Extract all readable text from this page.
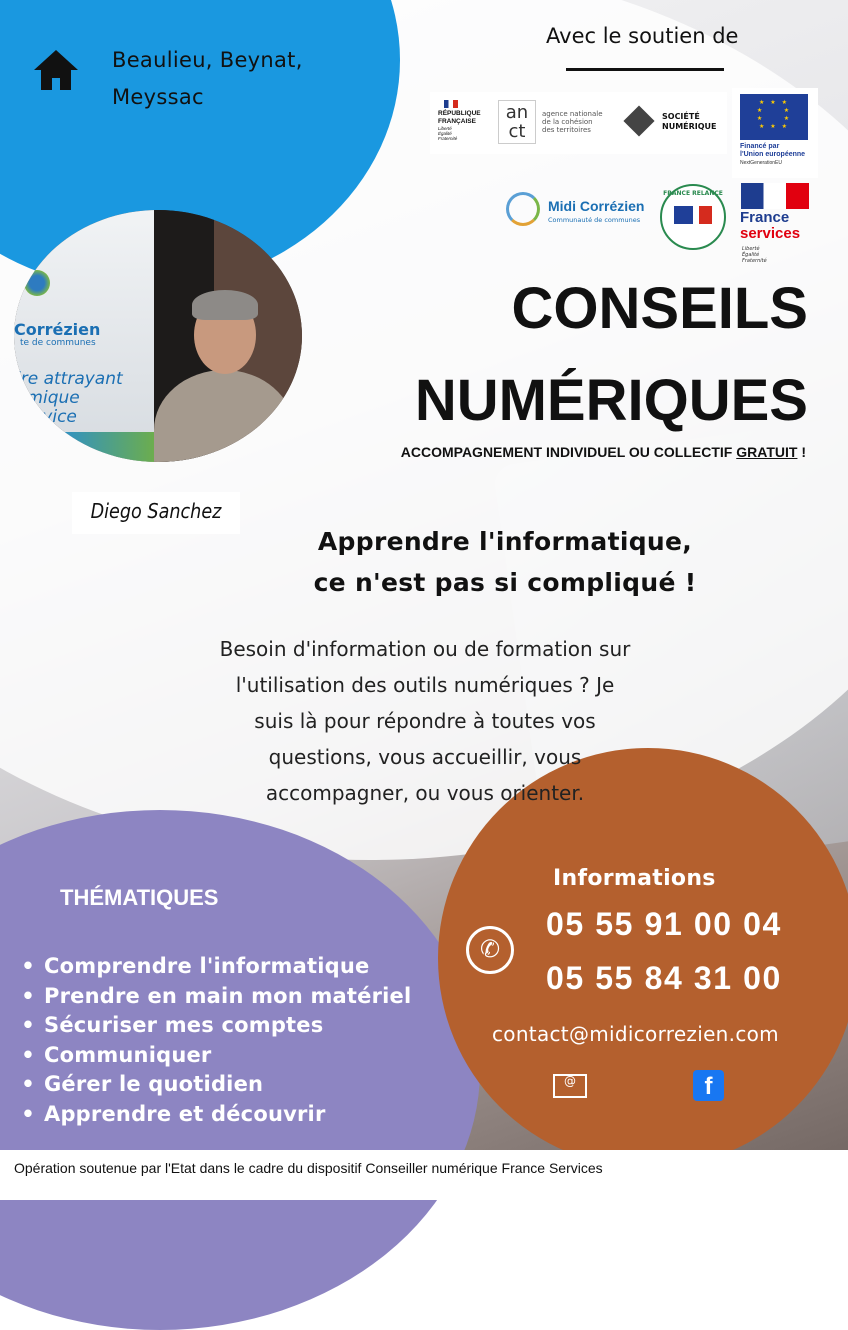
Beaulieu, Beynat,
Meyssac
Avec le soutien de
RÉPUBLIQUE
FRANÇAISE
Liberté
Égalité
Fraternité
an
ct
agence nationale
de la cohésion
des territoires
SOCIÉTÉ
NUMÉRIQUE
★ ★ ★
★     ★
★     ★
★ ★ ★
Financé par
l'Union européenne
NextGenerationEU
Midi Corrézien
Communauté de communes
FRANCE RELANCE
France
services
Liberté
Égalité
Fraternité
Corrézien
te de communes
ire attrayant
amique
service
Diego Sanchez
CONSEILS
NUMÉRIQUES
ACCOMPAGNEMENT INDIVIDUEL OU COLLECTIF GRATUIT !
Apprendre l'informatique,
ce n'est pas si compliqué !
Besoin d'information ou de formation sur
l'utilisation des outils numériques ? Je
suis là pour répondre à toutes vos
questions, vous accueillir, vous
accompagner, ou vous orienter.
THÉMATIQUES
• Comprendre l'informatique
• Prendre en main mon matériel
• Sécuriser mes comptes
• Communiquer
• Gérer le quotidien
• Apprendre et découvrir
Informations
✆
05 55 91 00 04
05 55 84 31 00
contact@midicorrezien.com
@
f
Opération soutenue par l'Etat dans le cadre du dispositif Conseiller numérique France Services
